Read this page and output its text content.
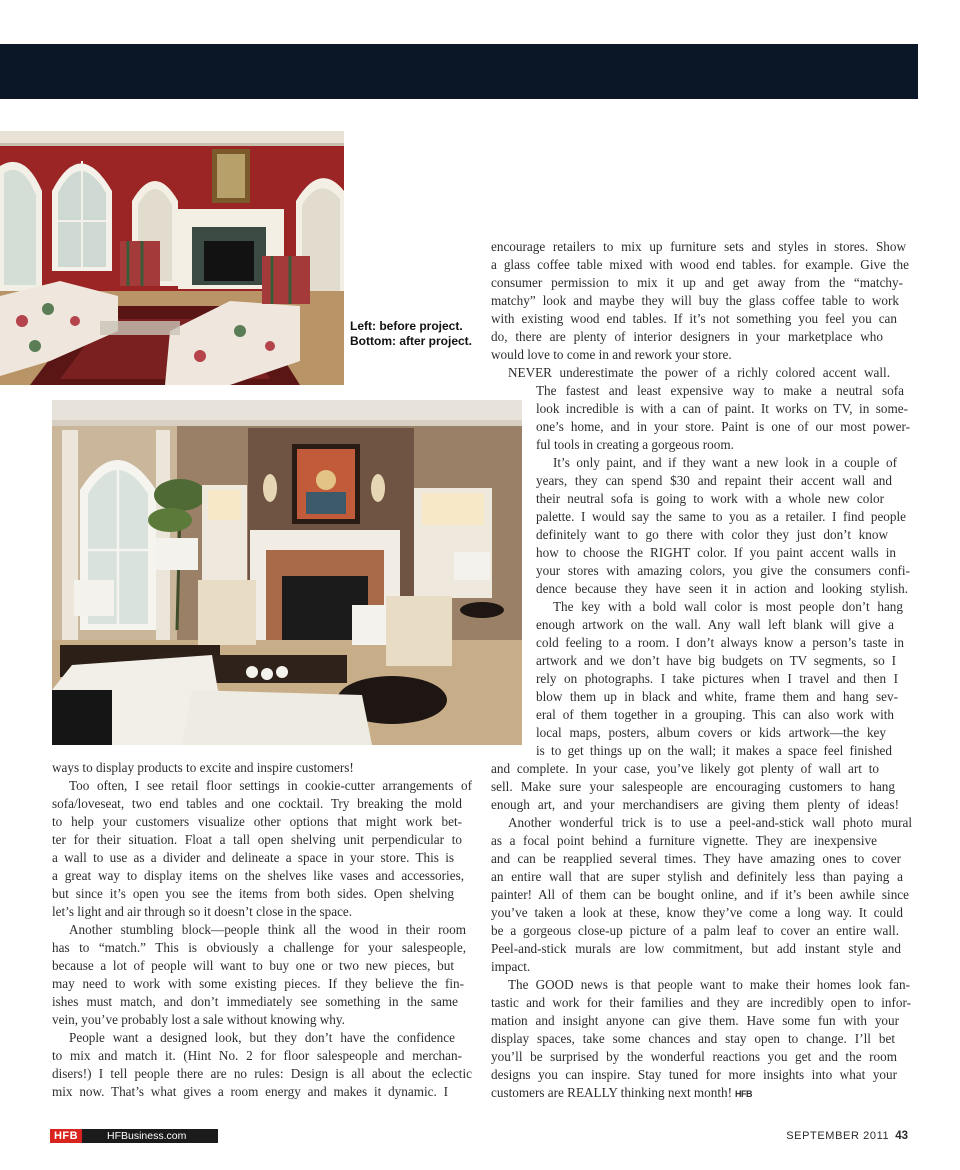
Left: before project.
Bottom: after project.
ways to display products to excite and inspire customers!
Too often, I see retail floor settings in cookie-cutter arrangements of
sofa/loveseat, two end tables and one cocktail. Try breaking the mold
to help your customers visualize other options that might work bet-
ter for their situation. Float a tall open shelving unit perpendicular to
a wall to use as a divider and delineate a space in your store. This is
a great way to display items on the shelves like vases and accessories,
but since it’s open you see the items from both sides. Open shelving
let’s light and air through so it doesn’t close in the space.
Another stumbling block—people think all the wood in their room
has to “match.” This is obviously a challenge for your salespeople,
because a lot of people will want to buy one or two new pieces, but
may need to work with some existing pieces. If they believe the fin-
ishes must match, and don’t immediately see something in the same
vein, you’ve probably lost a sale without knowing why.
People want a designed look, but they don’t have the confidence
to mix and match it. (Hint No. 2 for floor salespeople and merchan-
disers!) I tell people there are no rules: Design is all about the eclectic
mix now. That’s what gives a room energy and makes it dynamic. I
encourage retailers to mix up furniture sets and styles in stores. Show
a glass coffee table mixed with wood end tables. for example. Give the
consumer permission to mix it up and get away from the “matchy-
matchy” look and maybe they will buy the glass coffee table to work
with existing wood end tables. If it’s not something you feel you can
do, there are plenty of interior designers in your marketplace who
would love to come in and rework your store.
NEVER underestimate the power of a richly colored accent wall.
The fastest and least expensive way to make a neutral sofa
look incredible is with a can of paint. It works on TV, in some-
one’s home, and in your store. Paint is one of our most power-
ful tools in creating a gorgeous room.
It’s only paint, and if they want a new look in a couple of
years, they can spend $30 and repaint their accent wall and
their neutral sofa is going to work with a whole new color
palette. I would say the same to you as a retailer. I find people
definitely want to go there with color they just don’t know
how to choose the RIGHT color. If you paint accent walls in
your stores with amazing colors, you give the consumers confi-
dence because they have seen it in action and looking stylish.
The key with a bold wall color is most people don’t hang
enough artwork on the wall. Any wall left blank will give a
cold feeling to a room. I don’t always know a person’s taste in
artwork and we don’t have big budgets on TV segments, so I
rely on photographs. I take pictures when I travel and then I
blow them up in black and white, frame them and hang sev-
eral of them together in a grouping. This can also work with
local maps, posters, album covers or kids artwork—the key
is to get things up on the wall; it makes a space feel finished
and complete. In your case, you’ve likely got plenty of wall art to
sell. Make sure your salespeople are encouraging customers to hang
enough art, and your merchandisers are giving them plenty of ideas!
Another wonderful trick is to use a peel-and-stick wall photo mural
as a focal point behind a furniture vignette. They are inexpensive
and can be reapplied several times. They have amazing ones to cover
an entire wall that are super stylish and definitely less than paying a
painter! All of them can be bought online, and if it’s been awhile since
you’ve taken a look at these, know they’ve come a long way. It could
be a gorgeous close-up picture of a palm leaf to cover an entire wall.
Peel-and-stick murals are low commitment, but add instant style and
impact.
The GOOD news is that people want to make their homes look fan-
tastic and work for their families and they are incredibly open to infor-
mation and insight anyone can give them. Have some fun with your
display spaces, take some chances and stay open to change. I’ll bet
you’ll be surprised by the wonderful reactions you get and the room
designs you can inspire. Stay tuned for more insights into what your
customers are REALLY thinking next month! HFB
HFB	HFBusiness.com	SEPTEMBER 2011 43
